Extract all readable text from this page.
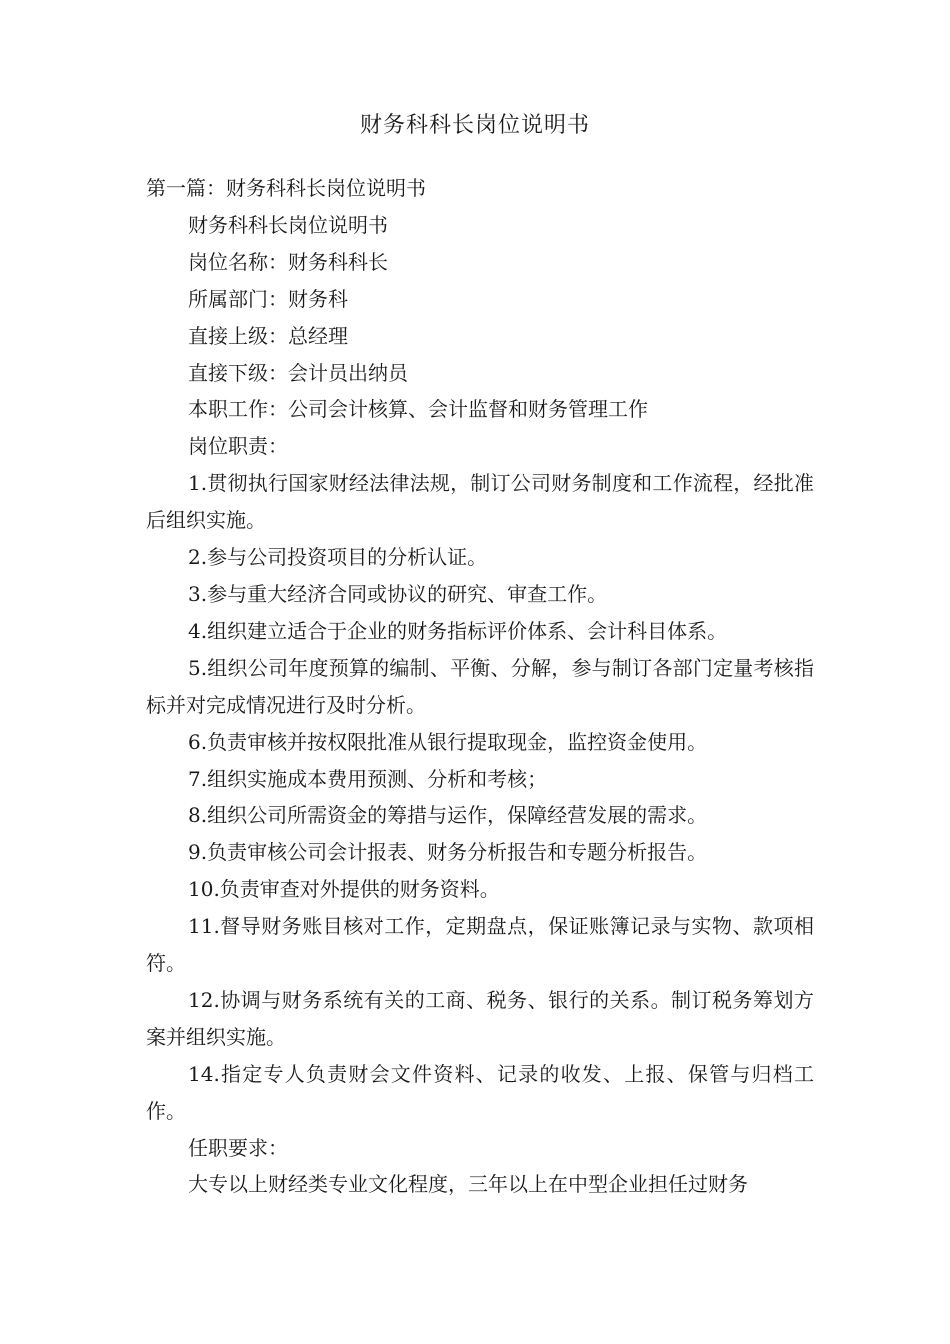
财务科科长岗位说明书

第一篇：财务科科长岗位说明书

财务科科长岗位说明书

岗位名称：财务科科长

所属部门：财务科

直接上级：总经理

直接下级：会计员出纳员

本职工作：公司会计核算、会计监督和财务管理工作

岗位职责：

1.贯彻执行国家财经法律法规，制订公司财务制度和工作流程，经批准后组织实施。

2.参与公司投资项目的分析认证。

3.参与重大经济合同或协议的研究、审查工作。

4.组织建立适合于企业的财务指标评价体系、会计科目体系。

5.组织公司年度预算的编制、平衡、分解，参与制订各部门定量考核指标并对完成情况进行及时分析。

6.负责审核并按权限批准从银行提取现金，监控资金使用。

7.组织实施成本费用预测、分析和考核；

8.组织公司所需资金的筹措与运作，保障经营发展的需求。

9.负责审核公司会计报表、财务分析报告和专题分析报告。

10.负责审查对外提供的财务资料。

11.督导财务账目核对工作，定期盘点，保证账簿记录与实物、款项相符。

12.协调与财务系统有关的工商、税务、银行的关系。制订税务筹划方案并组织实施。

14.指定专人负责财会文件资料、记录的收发、上报、保管与归档工作。

任职要求：

大专以上财经类专业文化程度，三年以上在中型企业担任过财务
